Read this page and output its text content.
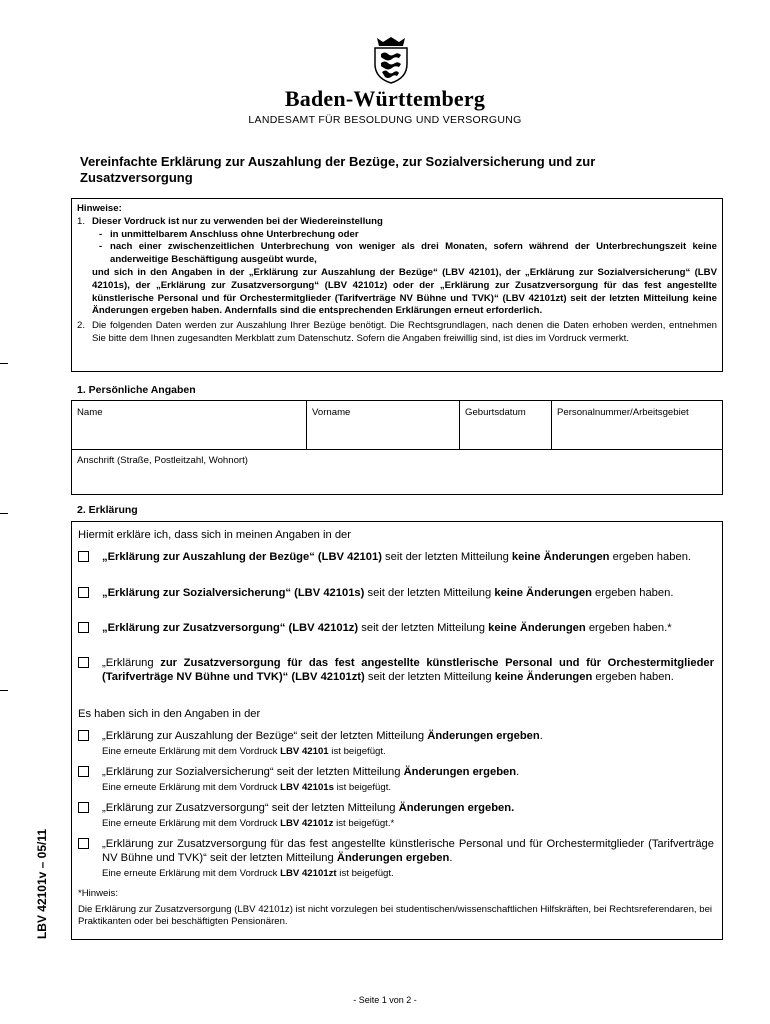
Baden-Württemberg
LANDESAMT FÜR BESOLDUNG UND VERSORGUNG
Vereinfachte Erklärung zur Auszahlung der Bezüge, zur Sozialversicherung und zur Zusatzversorgung
Hinweise:
1. Dieser Vordruck ist nur zu verwenden bei der Wiedereinstellung
- in unmittelbarem Anschluss ohne Unterbrechung oder
- nach einer zwischenzeitlichen Unterbrechung von weniger als drei Monaten, sofern während der Unterbrechungszeit keine anderweitige Beschäftigung ausgeübt wurde,
und sich in den Angaben in der „Erklärung zur Auszahlung der Bezüge“ (LBV 42101), der „Erklärung zur Sozialversicherung“ (LBV 42101s), der „Erklärung zur Zusatzversorgung“ (LBV 42101z) oder der „Erklärung zur Zusatzversorgung für das fest angestellte künstlerische Personal und für Orchestermitglieder (Tarifverträge NV Bühne und TVK)“ (LBV 42101zt) seit der letzten Mitteilung keine Änderungen ergeben haben. Andernfalls sind die entsprechenden Erklärungen erneut erforderlich.
2. Die folgenden Daten werden zur Auszahlung Ihrer Bezüge benötigt. Die Rechtsgrundlagen, nach denen die Daten erhoben werden, entnehmen Sie bitte dem Ihnen zugesandten Merkblatt zum Datenschutz. Sofern die Angaben freiwillig sind, ist dies im Vordruck vermerkt.
1. Persönliche Angaben
Name	Vorname	Geburtsdatum	Personalnummer/Arbeitsgebiet
Anschrift (Straße, Postleitzahl, Wohnort)
2. Erklärung
Hiermit erkläre ich, dass sich in meinen Angaben in der
„Erklärung zur Auszahlung der Bezüge“ (LBV 42101) seit der letzten Mitteilung keine Änderungen ergeben haben.
„Erklärung zur Sozialversicherung“ (LBV 42101s) seit der letzten Mitteilung keine Änderungen ergeben haben.
„Erklärung zur Zusatzversorgung“ (LBV 42101z) seit der letzten Mitteilung keine Änderungen ergeben haben.*
„Erklärung zur Zusatzversorgung für das fest angestellte künstlerische Personal und für Orchestermitglieder (Tarifverträge NV Bühne und TVK)“ (LBV 42101zt) seit der letzten Mitteilung keine Änderungen ergeben haben.
Es haben sich in den Angaben in der
„Erklärung zur Auszahlung der Bezüge“ seit der letzten Mitteilung Änderungen ergeben.
Eine erneute Erklärung mit dem Vordruck LBV 42101 ist beigefügt.
„Erklärung zur Sozialversicherung“ seit der letzten Mitteilung Änderungen ergeben.
Eine erneute Erklärung mit dem Vordruck LBV 42101s ist beigefügt.
„Erklärung zur Zusatzversorgung“ seit der letzten Mitteilung Änderungen ergeben.
Eine erneute Erklärung mit dem Vordruck LBV 42101z ist beigefügt.*
„Erklärung zur Zusatzversorgung für das fest angestellte künstlerische Personal und für Orchestermitglieder (Tarifverträge NV Bühne und TVK)“ seit der letzten Mitteilung Änderungen ergeben.
Eine erneute Erklärung mit dem Vordruck LBV 42101zt ist beigefügt.
*Hinweis:
Die Erklärung zur Zusatzversorgung (LBV 42101z) ist nicht vorzulegen bei studentischen/wissenschaftlichen Hilfskräften, bei Rechtsreferendaren, bei Praktikanten oder bei beschäftigten Pensionären.
LBV 42101v – 05/11
- Seite 1 von 2 -
